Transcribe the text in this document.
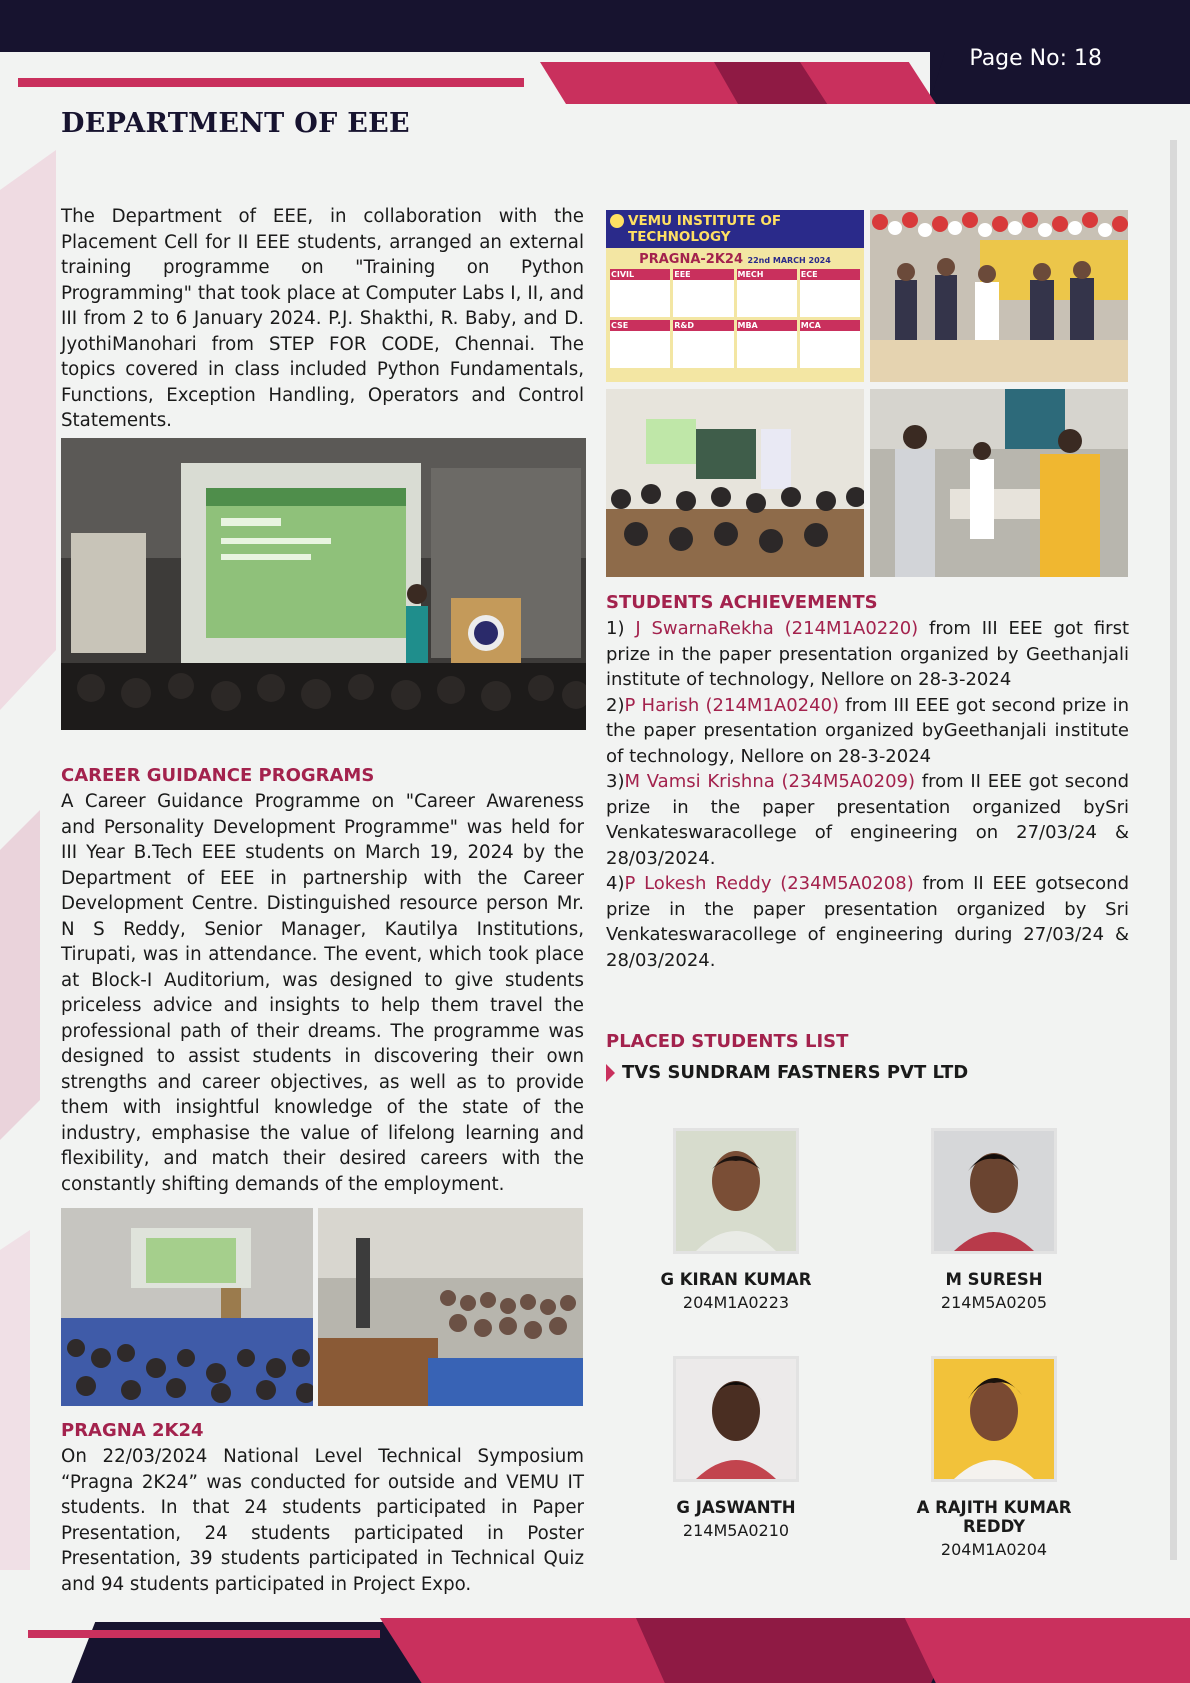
Page No: 18
DEPARTMENT OF EEE

The Department of EEE, in collaboration with the Placement Cell for II EEE students, arranged an external training programme on "Training on Python Programming" that took place at Computer Labs I, II, and III from 2 to 6 January 2024. P.J. Shakthi, R. Baby, and D. JyothiManohari from STEP FOR CODE, Chennai. The topics covered in class included Python Fundamentals, Functions, Exception Handling, Operators and Control Statements.

CAREER GUIDANCE PROGRAMS

A Career Guidance Programme on "Career Awareness and Personality Development Programme" was held for III Year B.Tech EEE students on March 19, 2024 by the Department of EEE in partnership with the Career Development Centre. Distinguished resource person Mr. N S Reddy, Senior Manager, Kautilya Institutions, Tirupati, was in attendance. The event, which took place at Block-I Auditorium, was designed to give students priceless advice and insights to help them travel the professional path of their dreams. The programme was designed to assist students in discovering their own strengths and career objectives, as well as to provide them with insightful knowledge of the state of the industry, emphasise the value of lifelong learning and flexibility, and match their desired careers with the constantly shifting demands of the employment.

PRAGNA 2K24

On 22/03/2024 National Level Technical Symposium “Pragna 2K24” was conducted for outside and VEMU IT students. In that 24 students participated in Paper Presentation, 24 students participated in Poster Presentation, 39 students participated in Technical Quiz and 94 students participated in Project Expo.

VEMU INSTITUTE OF TECHNOLOGY
PRAGNA-2K24 22nd MARCH 2024
CIVIL	EEE	MECH	ECE
CSE	R&D	MBA	MCA

STUDENTS ACHIEVEMENTS

1) J SwarnaRekha (214M1A0220) from III EEE got first prize in the paper presentation organized by Geethanjali institute of technology, Nellore on 28-3-2024

2)P Harish (214M1A0240) from III EEE got second prize in the paper presentation organized byGeethanjali institute of technology, Nellore on 28-3-2024

3)M Vamsi Krishna (234M5A0209) from II EEE got second prize in the paper presentation organized bySri Venkateswaracollege of engineering on 27/03/24 & 28/03/2024.

4)P Lokesh Reddy (234M5A0208) from II EEE gotsecond prize in the paper presentation organized by Sri Venkateswaracollege of engineering during 27/03/24 & 28/03/2024.

PLACED STUDENTS LIST

TVS SUNDRAM FASTNERS PVT LTD

G KIRAN KUMAR

204M1A0223

M SURESH

214M5A0205

G JASWANTH

214M5A0210

A RAJITH KUMAR REDDY

204M1A0204
